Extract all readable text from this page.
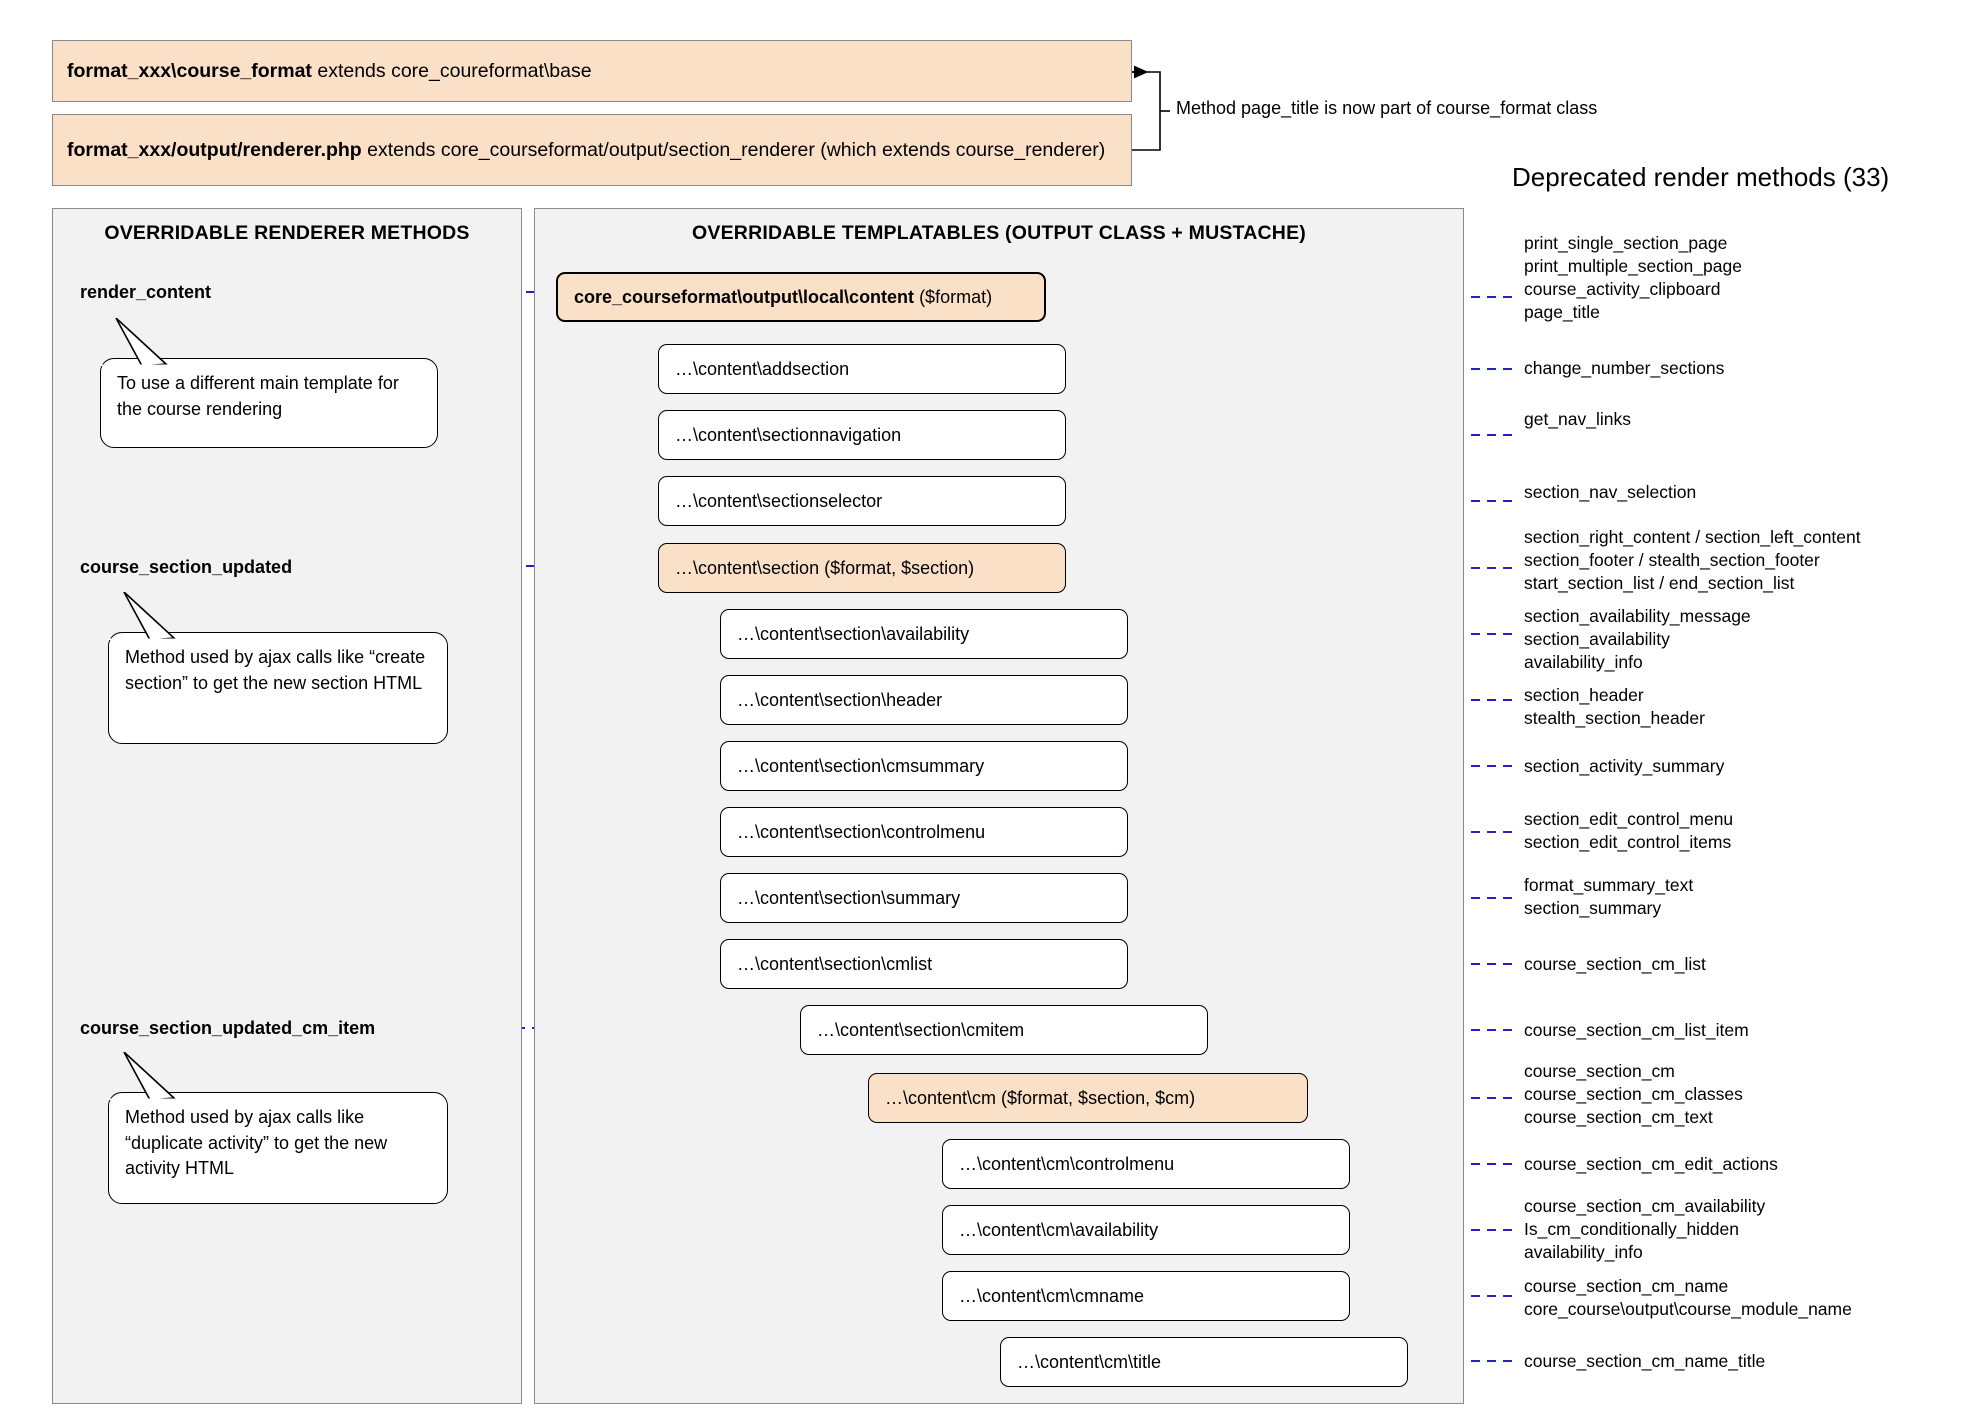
format_xxx\course_format extends core_coureformat\base
format_xxx/output/renderer.php extends core_courseformat/output/section_renderer (which extends course_renderer)
Method page_title is now part of course_format class
Deprecated render methods (33)
OVERRIDABLE RENDERER METHODS	OVERRIDABLE TEMPLATABLES (OUTPUT CLASS + MUSTACHE)
render_content
course_section_updated
course_section_updated_cm_item
To use a different main template for the course rendering
Method used by ajax calls like “create section” to get the new section HTML
Method used by ajax calls like “duplicate activity” to get the new activity HTML
core_courseformat\output\local\content ($format)
…\content\addsection
…\content\sectionnavigation
…\content\sectionselector
…\content\section ($format, $section)
…\content\section\availability
…\content\section\header
…\content\section\cmsummary
…\content\section\controlmenu
…\content\section\summary
…\content\section\cmlist
…\content\section\cmitem
…\content\cm ($format, $section, $cm)
…\content\cm\controlmenu
…\content\cm\availability
…\content\cm\cmname
…\content\cm\title
print_single_section_page
print_multiple_section_page
course_activity_clipboard
page_title
change_number_sections
get_nav_links
section_nav_selection
section_right_content / section_left_content
section_footer / stealth_section_footer
start_section_list / end_section_list
section_availability_message
section_availability
availability_info
section_header
stealth_section_header
section_activity_summary
section_edit_control_menu
section_edit_control_items
format_summary_text
section_summary
course_section_cm_list
course_section_cm_list_item
course_section_cm
course_section_cm_classes
course_section_cm_text
course_section_cm_edit_actions
course_section_cm_availability
Is_cm_conditionally_hidden
availability_info
course_section_cm_name
core_course\output\course_module_name
course_section_cm_name_title
